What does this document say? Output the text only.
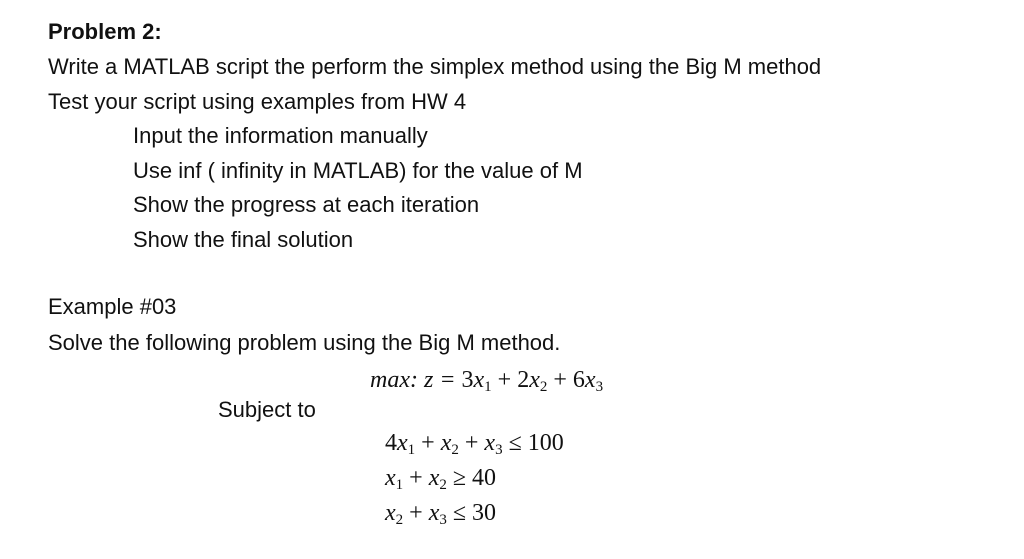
Problem 2:
Write a MATLAB script the perform the simplex method using the Big M method
Test your script using examples from HW 4
Input the information manually
Use inf ( infinity in MATLAB) for the value of M
Show the progress at each iteration
Show the final solution
Example #03
Solve the following problem using the Big M method.
max: $z = 3x_1 + 2x_2 + 6x_3$
Subject to
$4x_1 + x_2 + x_3 \le 100$
$x_1 + x_2 \ge 40$
$x_2 + x_3 \le 30$
